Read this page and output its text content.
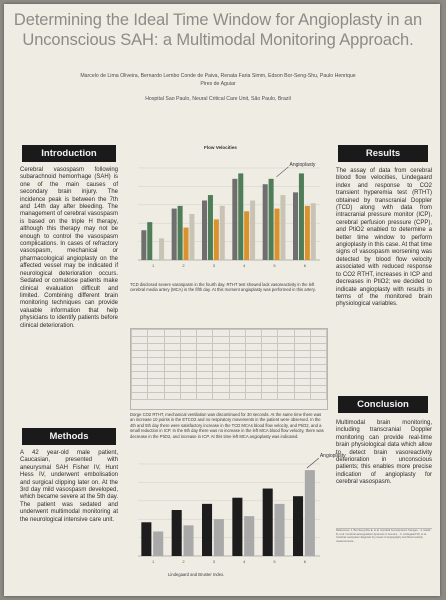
Determining the Ideal Time Window for Angioplasty in an
Unconscious SAH: a Multimodal Monitoring Approach.
Marcelo de Lima Oliveira, Bernardo Lembo Conde de Paiva, Renata Faria Simm, Edson Bor-Seng-Shu, Paulo Henrique
Pires de Aguiar
Hospital Sao Paulo, Neural Critical Care Unit, São Paulo, Brazil
Introduction
Cerebral vasospasm following subarachnoid hemorrhage (SAH) is one of the main causes of secondary brain injury. The incidence peak is between the 7th and 14th day after bleeding. The management of cerebral vasospasm is based on the triple H therapy, although this therapy may not be enough to control the vasospasm complications. In cases of refractory vasospasm, mechanical or pharmacological angioplasty on the affected vessel may be indicated if neurological deterioration occurs. Sedated or comatose patients make clinical evaluation difficult and limited. Combining different brain monitoring techniques can provide valuable information that help physicians to identify patients before clinical deterioration.
Methods
A 42 year-old male patient, Caucasian, presented with aneurysmal SAH Fisher IV, Hunt Hess IV, underwent embolisation and surgical clipping later on. At the 3rd day mild vasospasm developed, which became severe at the 5th day. The patient was sedated and underwent multimodal monitoring at the neurological intensive care unit.
Results
The assay of data from cerebral blood flow velocities, Lindegaard index and response to CO2 transient hyperemia test (RTHT) obtained by transcranial Doppler (TCD) along with data from intracranial pressure monitor (ICP), cerebral perfusion pressure (CPP), and PtiO2 enabled to determine a better time window to perform angioplasty in this case. At that time signs of vasospasm worsening was detected by blood flow velocity associated with reduced response to CO2 RTHT, increases in ICP and decreases in PtiO2; we decided to indicate angioplasty with results in terms of the monitored brain physiological variables.
Conclusion
Multimodal brain monitoring, including transcranial Doppler monitoring can provide real-time brain physiological data which allow to detect brain vasoreactivity deterioration in unconscious patients; this enables more precise indication of angioplasty for cerebral vasospasm.
References: 1. Bor-Seng-Shu E, et al. Cerebral hemodynamic changes... 2. Aaslid R, et al. Cerebral autoregulation dynamics in humans... 3. Lindegaard KF, et al. Cerebral vasospasm diagnosis by means of angiography and blood velocity measurements...
Flow Velocities
1	2	3	4	5	6
Angioplasty
TCD disclosed severe vasospasm in the fourth day. RTHT test showed lack vasoreactivity in the left cerebral media artery (MCA) in the fifth day. At this moment angioplasty was performed in this artery.

Dorge CO2 RTHT, mechanical ventilation was discontinued for 30 seconds. At the same time there was an increase 10 points in the ETCO2 and no respiratory movements in the patient were observed. In the 4th and 5th day there were satisfactory increase in the TCD MCAs blood flow velocity, and PtiO2, and a small reduction in ICP. In the 6th day there was no increase in the left MCA blood flow velocity, there was decrease in the PtiO2, and increase in ICP. At this time left MCA angioplasty was indicated.
1	2	3	4	5	6
Angioplasty
Lindegaard and Bruster Index.
